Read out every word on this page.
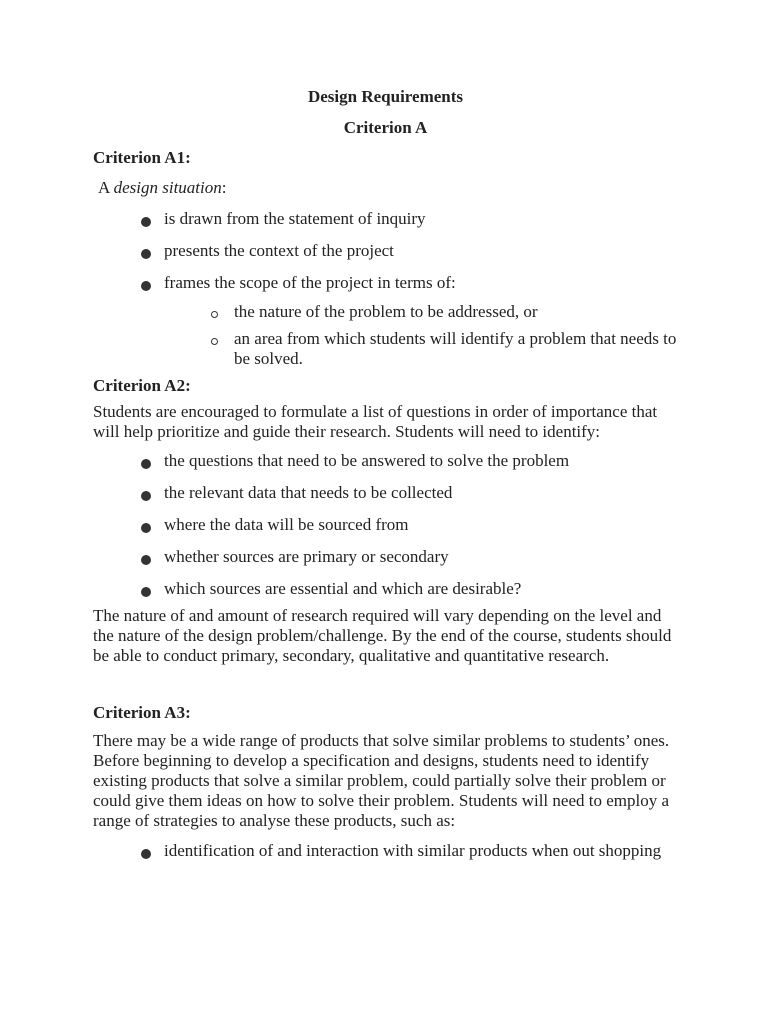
Design Requirements

Criterion A

Criterion A1:

A design situation:

is drawn from the statement of inquiry
presents the context of the project
frames the scope of the project in terms of:
the nature of the problem to be addressed, or
an area from which students will identify a problem that needs to be solved.

Criterion A2:

Students are encouraged to formulate a list of questions in order of importance that will help prioritize and guide their research. Students will need to identify:

the questions that need to be answered to solve the problem
the relevant data that needs to be collected
where the data will be sourced from
whether sources are primary or secondary
which sources are essential and which are desirable?

The nature of and amount of research required will vary depending on the level and the nature of the design problem/challenge. By the end of the course, students should be able to conduct primary, secondary, qualitative and quantitative research.

Criterion A3:

There may be a wide range of products that solve similar problems to students’ ones. Before beginning to develop a specification and designs, students need to identify existing products that solve a similar problem, could partially solve their problem or could give them ideas on how to solve their problem. Students will need to employ a range of strategies to analyse these products, such as:

identification of and interaction with similar products when out shopping
